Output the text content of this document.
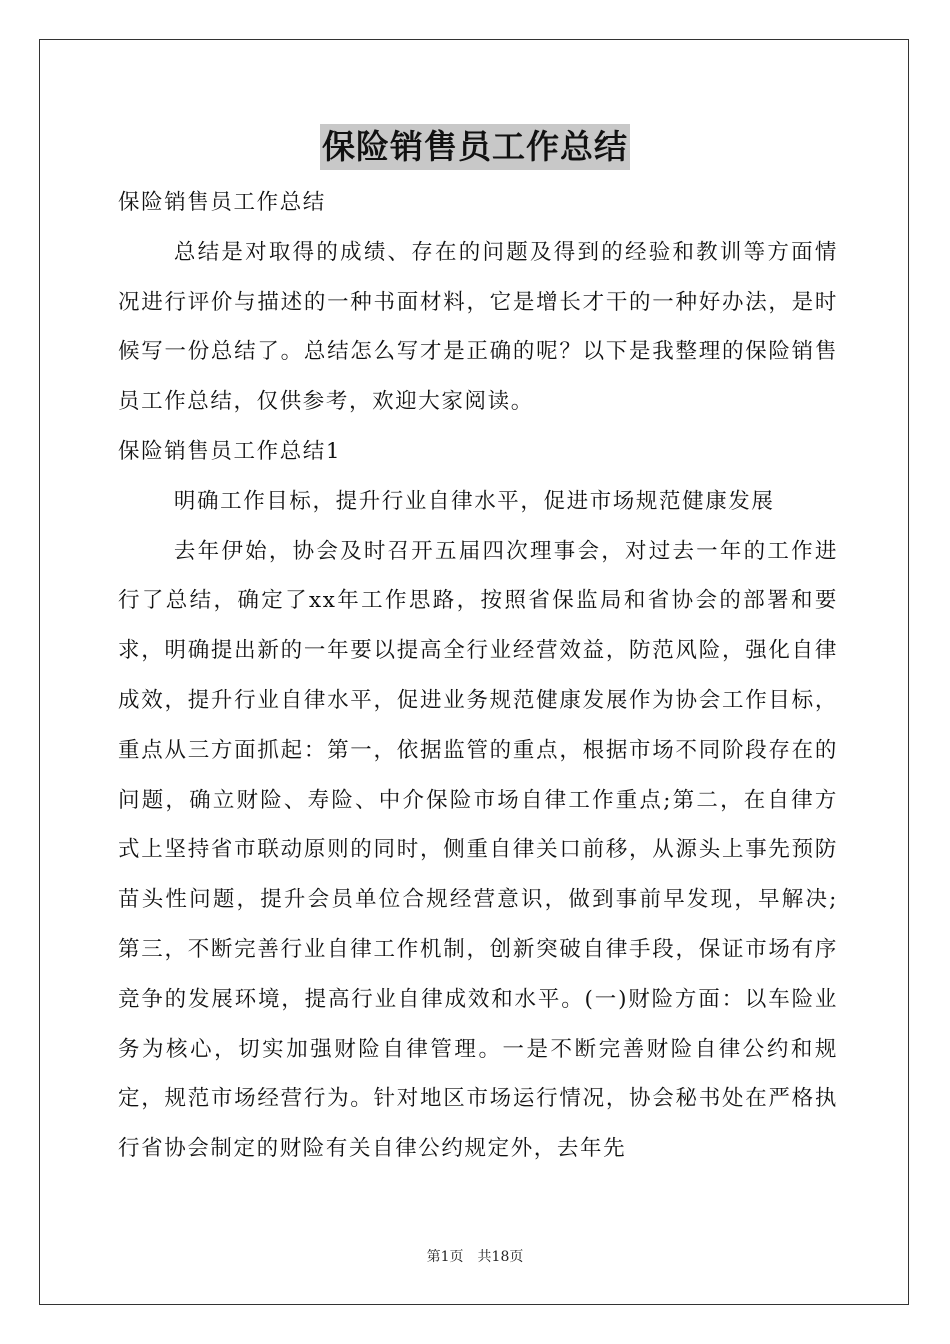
保险销售员工作总结

保险销售员工作总结

总结是对取得的成绩、存在的问题及得到的经验和教训等方面情况进行评价与描述的一种书面材料，它是增长才干的一种好办法，是时候写一份总结了。总结怎么写才是正确的呢？以下是我整理的保险销售员工作总结，仅供参考，欢迎大家阅读。

保险销售员工作总结1

明确工作目标，提升行业自律水平，促进市场规范健康发展

去年伊始，协会及时召开五届四次理事会，对过去一年的工作进行了总结，确定了xx年工作思路，按照省保监局和省协会的部署和要求，明确提出新的一年要以提高全行业经营效益，防范风险，强化自律成效，提升行业自律水平，促进业务规范健康发展作为协会工作目标，重点从三方面抓起：第一，依据监管的重点，根据市场不同阶段存在的问题，确立财险、寿险、中介保险市场自律工作重点;第二，在自律方式上坚持省市联动原则的同时，侧重自律关口前移，从源头上事先预防苗头性问题，提升会员单位合规经营意识，做到事前早发现，早解决;第三，不断完善行业自律工作机制，创新突破自律手段，保证市场有序竞争的发展环境，提高行业自律成效和水平。(一)财险方面：以车险业务为核心，切实加强财险自律管理。一是不断完善财险自律公约和规定，规范市场经营行为。针对地区市场运行情况，协会秘书处在严格执行省协会制定的财险有关自律公约规定外，去年先

第1页　共18页
